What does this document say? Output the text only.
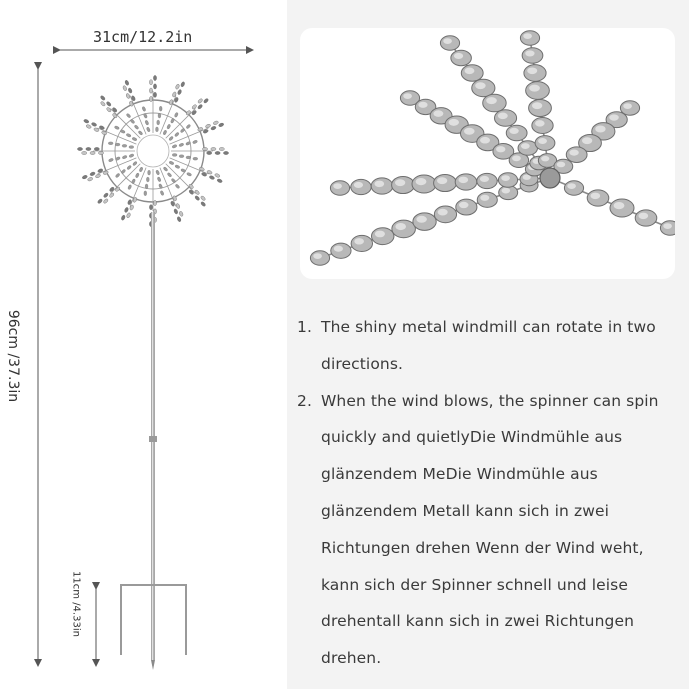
31cm/12.2in
96cm /37.3in
11cm /4.33in
1. The shiny metal windmill can rotate in two directions.
2. When the wind blows, the spinner can spin quickly and quietlyDie Windmühle aus glänzendem MeDie Windmühle aus glänzendem Metall kann sich in zwei Richtungen drehen Wenn der Wind weht, kann sich der Spinner schnell und leise drehentall kann sich in zwei Richtungen drehen.
